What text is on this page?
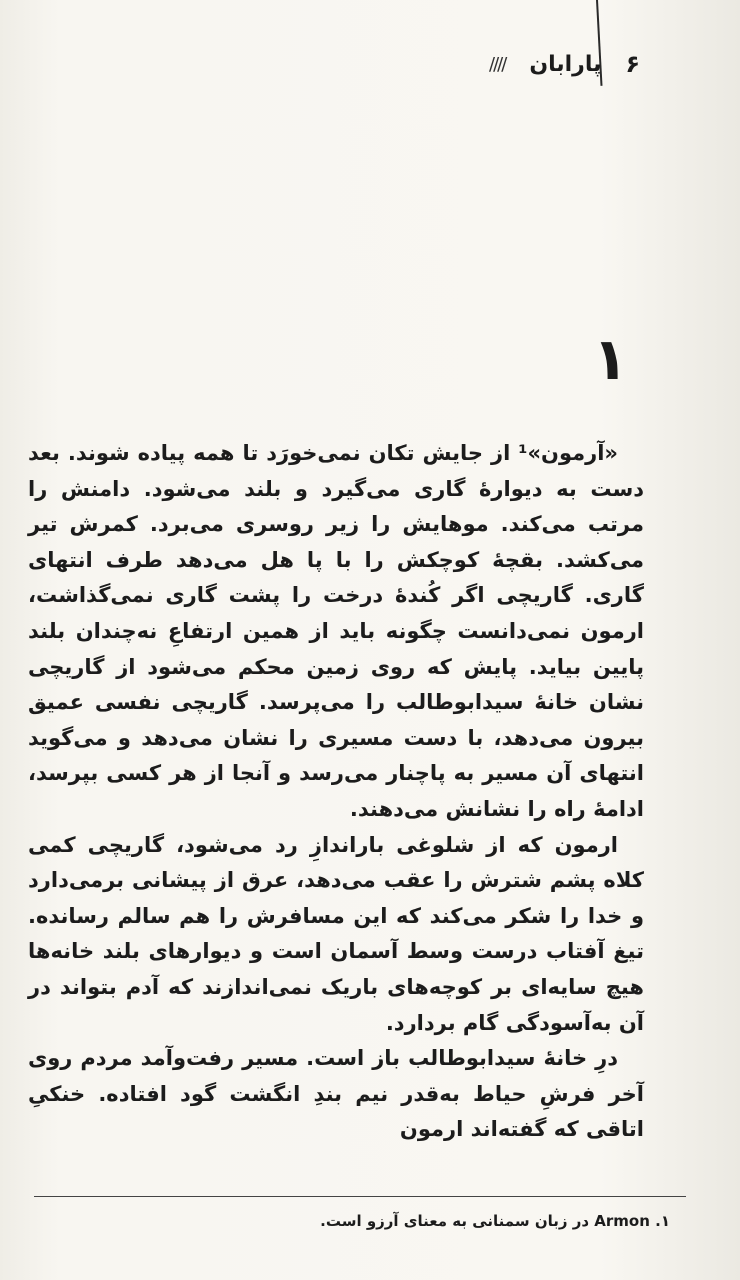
۶
پارابان
////
۱

«آرمون»¹ از جایش تکان نمی‌خورَد تا همه پیاده شوند. بعد دست به دیوارهٔ گاری می‌گیرد و بلند می‌شود. دامنش را مرتب می‌کند. موهایش را زیر روسری می‌برد. کمرش تیر می‌کشد. بقچهٔ کوچکش را با پا هل می‌دهد طرف انتهای گاری. گاریچی اگر کُندهٔ درخت را پشت گاری نمی‌گذاشت، ارمون نمی‌دانست چگونه باید از همین ارتفاعِ نه‌چندان بلند پایین بیاید. پایش که روی زمین محکم می‌شود از گاریچی نشان خانهٔ سیدابوطالب را می‌پرسد. گاریچی نفسی عمیق بیرون می‌دهد، با دست مسیری را نشان می‌دهد و می‌گوید انتهای آن مسیر به پاچنار می‌رسد و آنجا از هر کسی بپرسد، ادامهٔ راه را نشانش می‌دهند.

ارمون که از شلوغی باراندازِ رد می‌شود، گاریچی کمی کلاه پشم شترش را عقب می‌دهد، عرق از پیشانی برمی‌دارد و خدا را شکر می‌کند که این مسافرش را هم سالم رسانده. تیغ آفتاب درست وسط آسمان است و دیوارهای بلند خانه‌ها هیچ سایه‌ای بر کوچه‌های باریک نمی‌اندازند که آدم بتواند در آن به‌آسودگی گام بردارد.

درِ خانهٔ سیدابوطالب باز است. مسیر رفت‌وآمد مردم روی آخر فرشِ حیاط به‌قدر نیم بندِ انگشت گود افتاده. خنکیِ اتاقی که گفته‌اند ارمون

۱. Armon در زبان سمنانی به معنای آرزو است.
